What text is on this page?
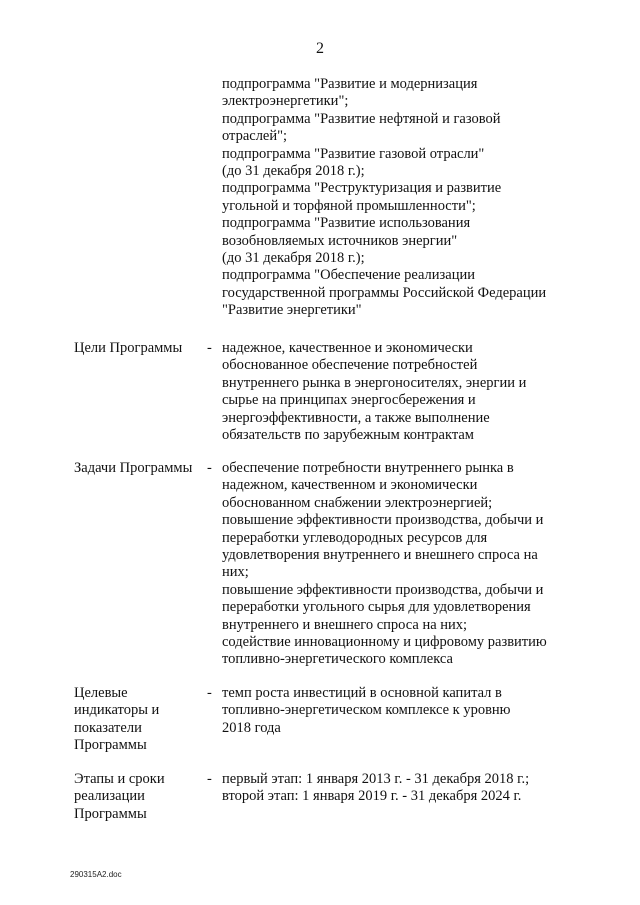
2

подпрограмма "Развитие и модернизация

электроэнергетики";

подпрограмма "Развитие нефтяной и газовой

отраслей";

подпрограмма "Развитие газовой отрасли"

(до 31 декабря 2018 г.);

подпрограмма "Реструктуризация и развитие

угольной и торфяной промышленности";

подпрограмма "Развитие использования

возобновляемых источников энергии"

(до 31 декабря 2018 г.);

подпрограмма "Обеспечение реализации

государственной программы Российской Федерации

"Развитие энергетики"

Цели Программы	- надежное, качественное и экономически

обоснованное обеспечение потребностей

внутреннего рынка в энергоносителях, энергии и

сырье на принципах энергосбережения и

энергоэффективности, а также выполнение

обязательств по зарубежным контрактам

Задачи Программы	- обеспечение потребности внутреннего рынка в

надежном, качественном и экономически

обоснованном снабжении электроэнергией;

повышение эффективности производства, добычи и

переработки углеводородных ресурсов для

удовлетворения внутреннего и внешнего спроса на

них;

повышение эффективности производства, добычи и

переработки угольного сырья для удовлетворения

внутреннего и внешнего спроса на них;

содействие инновационному и цифровому развитию

топливно-энергетического комплекса

Целевые

индикаторы и

показатели

Программы

- темп роста инвестиций в основной капитал в

топливно-энергетическом комплексе к уровню

2018 года

Этапы и сроки

реализации

Программы

- первый этап: 1 января 2013 г. - 31 декабря 2018 г.;

второй этап: 1 января 2019 г. - 31 декабря 2024 г.

290315A2.doc
